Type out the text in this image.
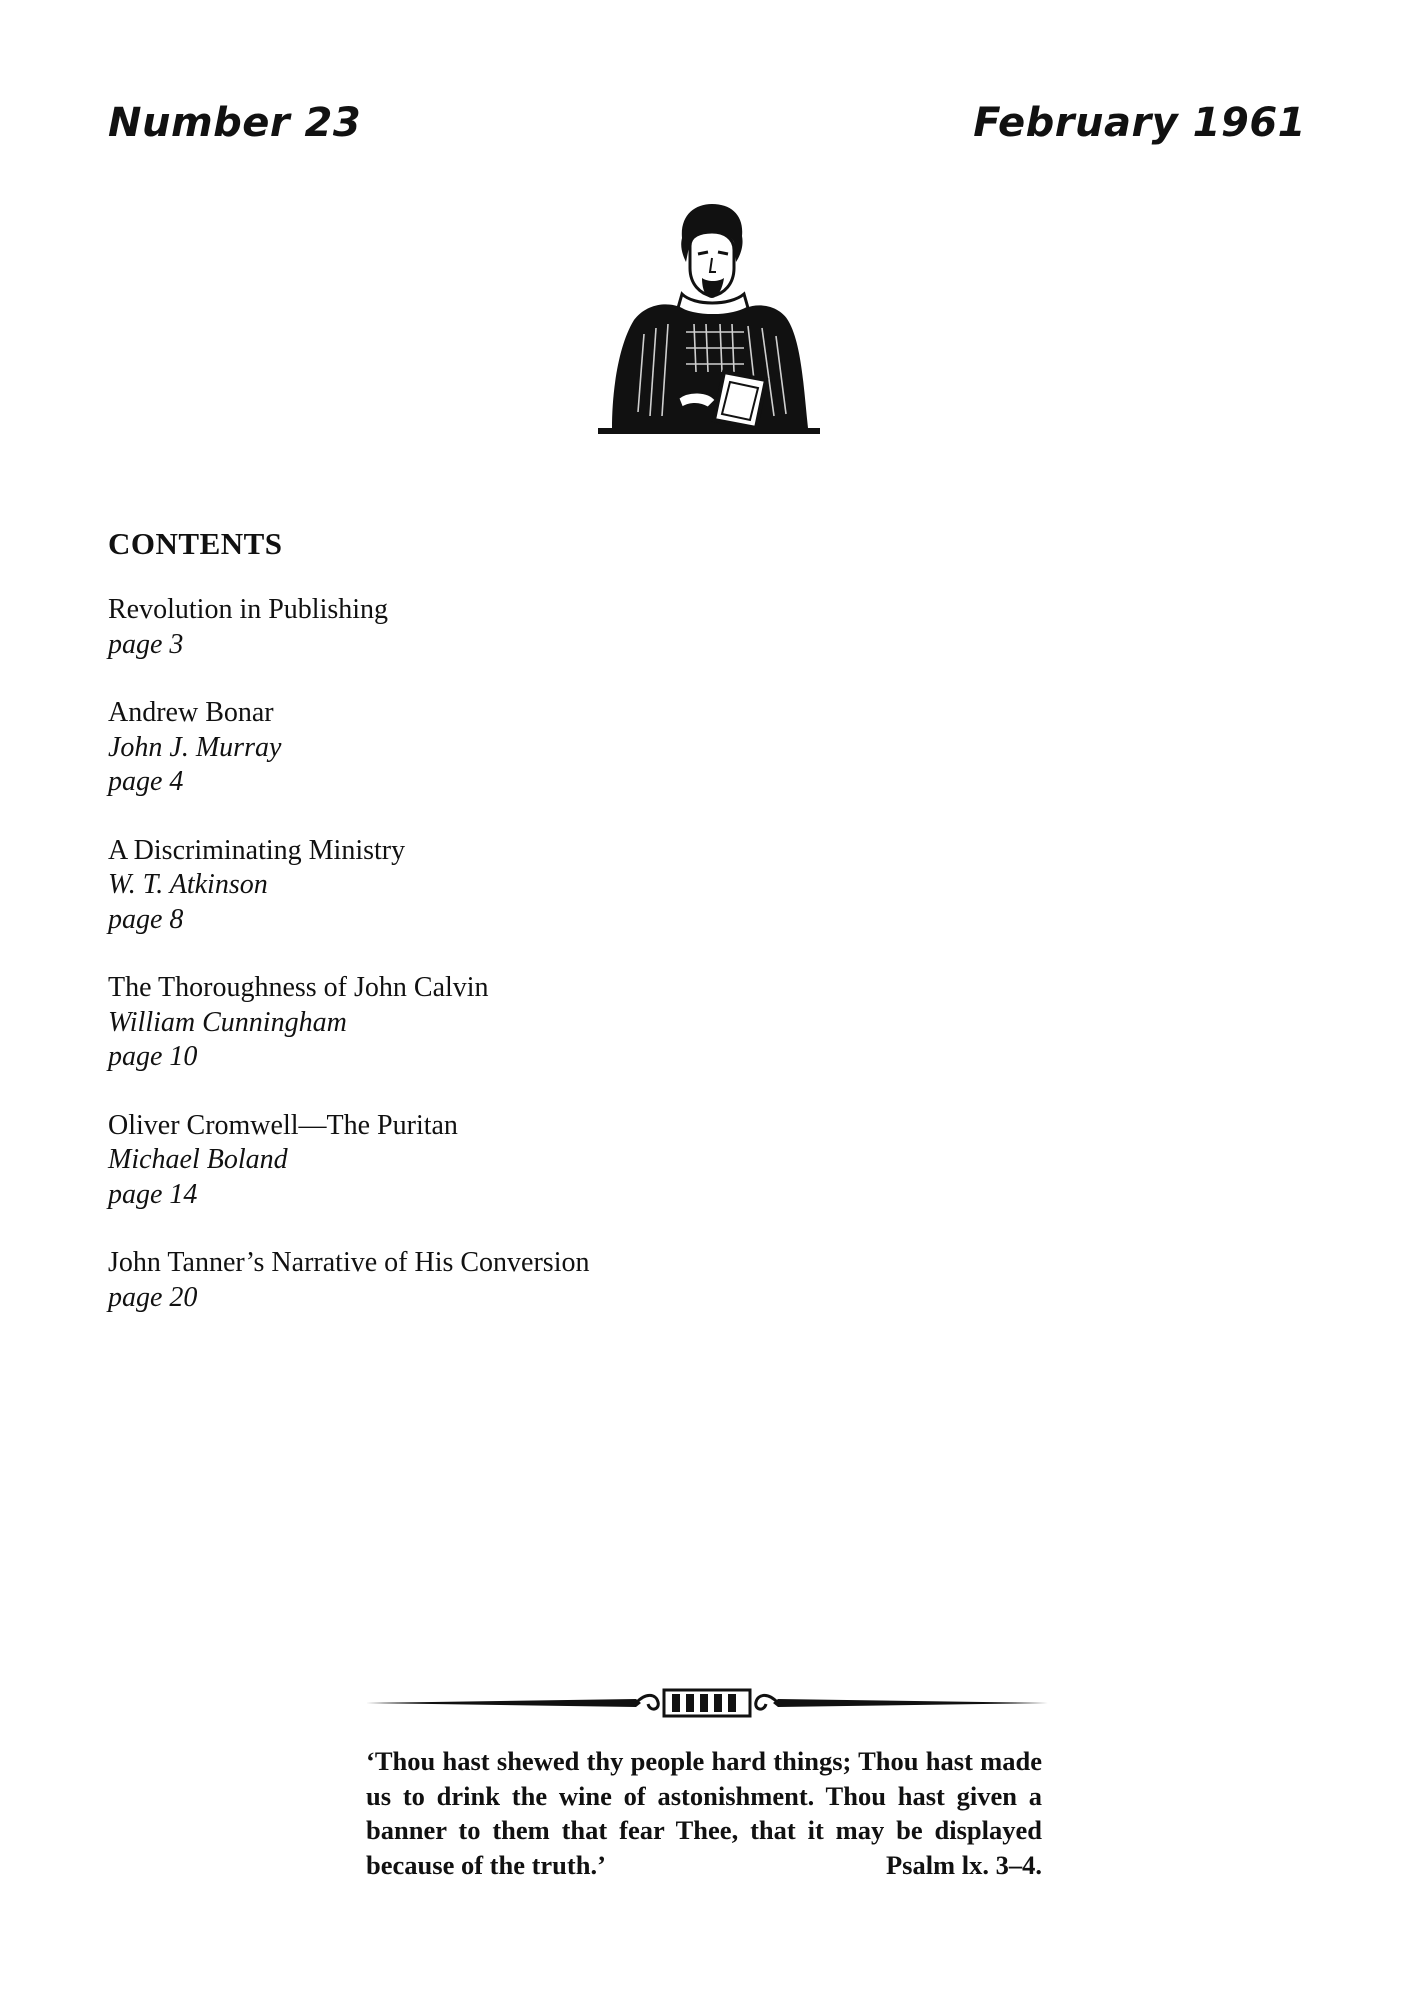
Number 23	February 1961
CONTENTS
Revolution in Publishing
page 3
Andrew Bonar
John J. Murray
page 4
A Discriminating Ministry
W. T. Atkinson
page 8
The Thoroughness of John Calvin
William Cunningham
page 10
Oliver Cromwell—The Puritan
Michael Boland
page 14
John Tanner’s Narrative of His Conversion
page 20
‘Thou hast shewed thy people hard things; Thou hast made us to drink the wine of astonishment. Thou hast given a banner to them that fear Thee, that it may be displayed because of the truth.’	Psalm lx. 3–4.
